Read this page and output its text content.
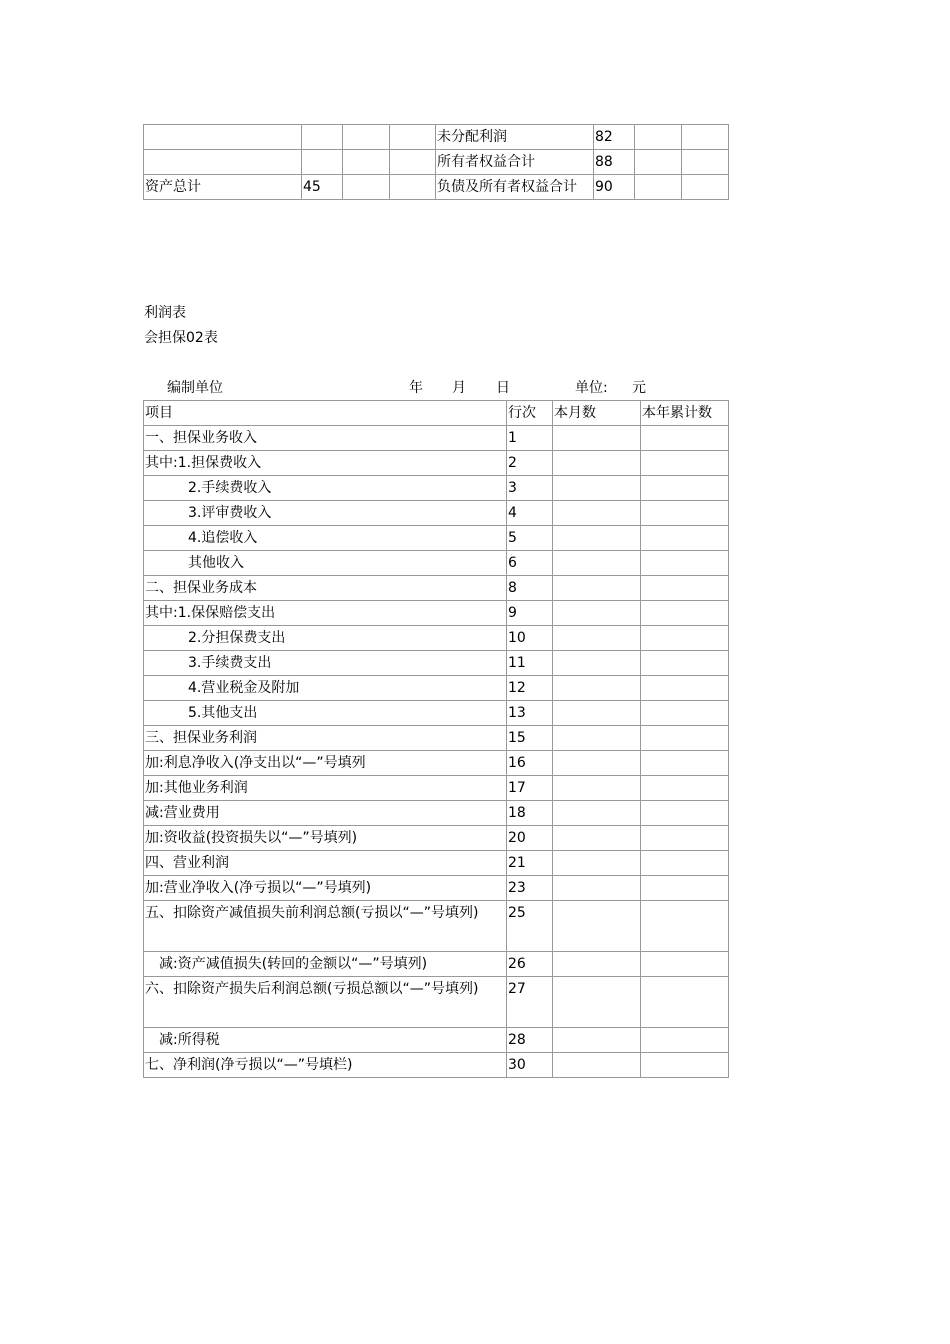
				未分配利润	82		
				所有者权益合计	88		
资产总计	45			负债及所有者权益合计	90		
利润表
会担保02表
编制单位	年 月 日	单位: 元
项目	行次	本月数	本年累计数
一、担保业务收入	1		
其中:1.担保费收入	2		
2.手续费收入	3		
3.评审费收入	4		
4.追偿收入	5		
其他收入	6		
二、担保业务成本	8		
其中:1.保保赔偿支出	9		
2.分担保费支出	10		
3.手续费支出	11		
4.营业税金及附加	12		
5.其他支出	13		
三、担保业务利润	15		
加:利息净收入(净支出以“—”号填列	16		
加:其他业务利润	17		
减:营业费用	18		
加:资收益(投资损失以“—”号填列)	20		
四、营业利润	21		
加:营业净收入(净亏损以“—”号填列)	23		
五、扣除资产减值损失前利润总额(亏损以“—”号填列)	25		
减:资产减值损失(转回的金额以“—”号填列)	26		
六、扣除资产损失后利润总额(亏损总额以“—”号填列)	27		
减:所得税	28		
七、净利润(净亏损以“—”号填栏)	30		
